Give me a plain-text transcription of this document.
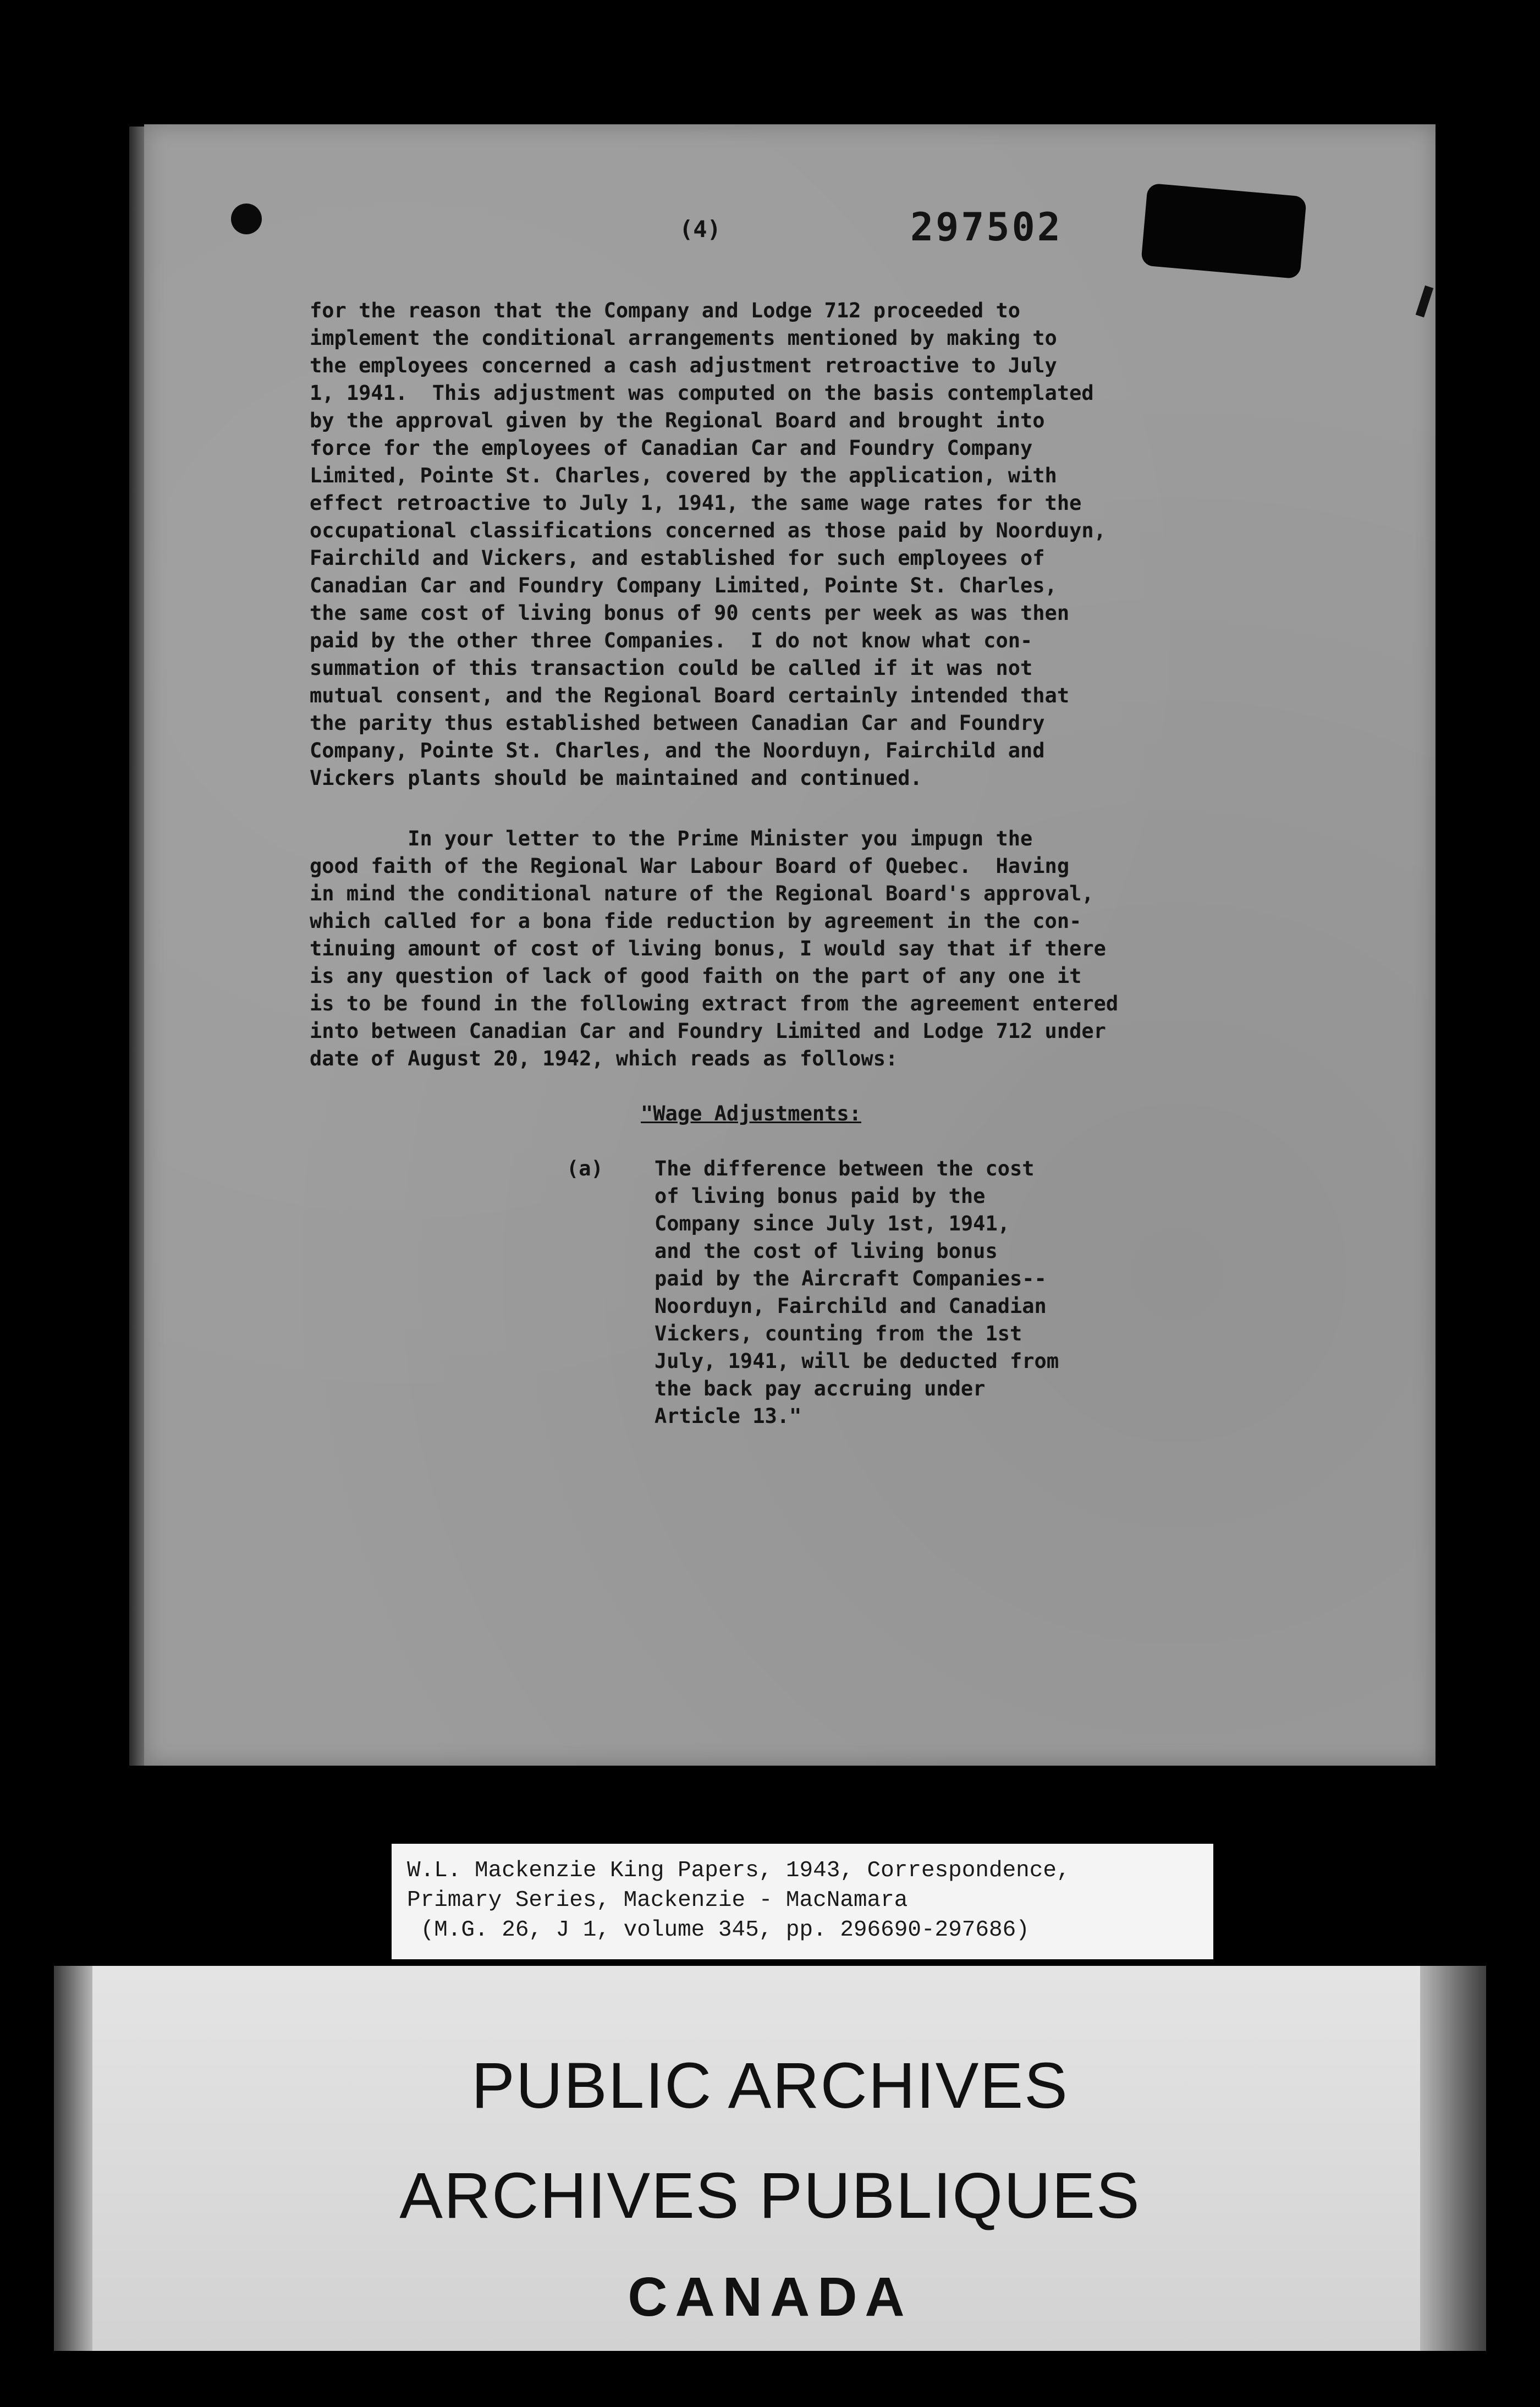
(4)	297502
for the reason that the Company and Lodge 712 proceeded to
implement the conditional arrangements mentioned by making to
the employees concerned a cash adjustment retroactive to July
1, 1941.  This adjustment was computed on the basis contemplated
by the approval given by the Regional Board and brought into
force for the employees of Canadian Car and Foundry Company
Limited, Pointe St. Charles, covered by the application, with
effect retroactive to July 1, 1941, the same wage rates for the
occupational classifications concerned as those paid by Noorduyn,
Fairchild and Vickers, and established for such employees of
Canadian Car and Foundry Company Limited, Pointe St. Charles,
the same cost of living bonus of 90 cents per week as was then
paid by the other three Companies.  I do not know what con-
summation of this transaction could be called if it was not
mutual consent, and the Regional Board certainly intended that
the parity thus established between Canadian Car and Foundry
Company, Pointe St. Charles, and the Noorduyn, Fairchild and
Vickers plants should be maintained and continued.
In your letter to the Prime Minister you impugn the
good faith of the Regional War Labour Board of Quebec.  Having
in mind the conditional nature of the Regional Board's approval,
which called for a bona fide reduction by agreement in the con-
tinuing amount of cost of living bonus, I would say that if there
is any question of lack of good faith on the part of any one it
is to be found in the following extract from the agreement entered
into between Canadian Car and Foundry Limited and Lodge 712 under
date of August 20, 1942, which reads as follows:
"Wage Adjustments:
(a)	The difference between the cost
of living bonus paid by the
Company since July 1st, 1941,
and the cost of living bonus
paid by the Aircraft Companies--
Noorduyn, Fairchild and Canadian
Vickers, counting from the 1st
July, 1941, will be deducted from
the back pay accruing under
Article 13."
W.L. Mackenzie King Papers, 1943, Correspondence,
Primary Series, Mackenzie - MacNamara
(M.G. 26, J 1, volume 345, pp. 296690-297686)
PUBLIC ARCHIVES
ARCHIVES PUBLIQUES
CANADA
